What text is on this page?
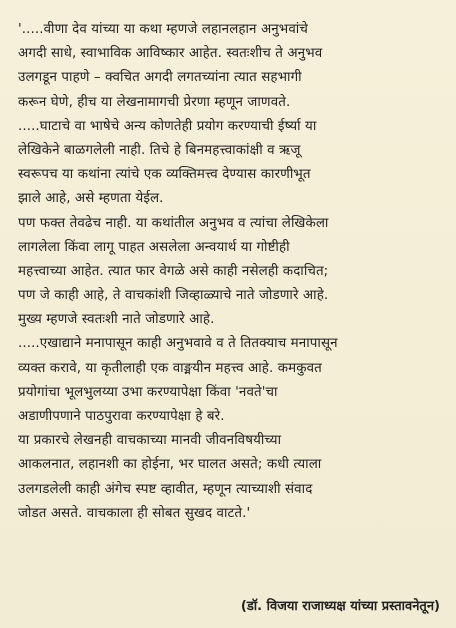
'.....वीणा देव यांच्या या कथा म्हणजे लहानलहान अनुभवांचे
अगदी साधे, स्वाभाविक आविष्कार आहेत. स्वतःशीच ते अनुभव
उलगडून पाहणे – क्वचित अगदी लगतच्यांना त्यात सहभागी
करून घेणे, हीच या लेखनामागची प्रेरणा म्हणून जाणवते.

.....घाटाचे वा भाषेचे अन्य कोणतेही प्रयोग करण्याची ईर्ष्या या
लेखिकेने बाळगलेली नाही. तिचे हे बिनमहत्त्वाकांक्षी व ऋजू
स्वरूपच या कथांना त्यांचे एक व्यक्तिमत्त्व देण्यास कारणीभूत
झाले आहे, असे म्हणता येईल.

पण फक्त तेवढेच नाही. या कथांतील अनुभव व त्यांचा लेखिकेला
लागलेला किंवा लागू पाहत असलेला अन्वयार्थ या गोष्टीही
महत्त्वाच्या आहेत. त्यात फार वेगळे असे काही नसेलही कदाचित;
पण जे काही आहे, ते वाचकांशी जिव्हाळ्याचे नाते जोडणारे आहे.
मुख्य म्हणजे स्वतःशी नाते जोडणारे आहे.

.....एखाद्याने मनापासून काही अनुभवावे व ते तितक्याच मनापासून
व्यक्त करावे, या कृतीलाही एक वाङ्मयीन महत्त्व आहे. कमकुवत
प्रयोगांचा भूलभुलय्या उभा करण्यापेक्षा किंवा 'नवते'चा
अडाणीपणाने पाठपुरावा करण्यापेक्षा हे बरे.

या प्रकारचे लेखनही वाचकाच्या मानवी जीवनविषयीच्या
आकलनात, लहानशी का होईना, भर घालत असते; कधी त्याला
उलगडलेली काही अंगेच स्पष्ट व्हावीत, म्हणून त्याच्याशी संवाद
जोडत असते. वाचकाला ही सोबत सुखद वाटते.'

(डॉ. विजया राजाध्यक्ष यांच्या प्रस्तावनेतून)
